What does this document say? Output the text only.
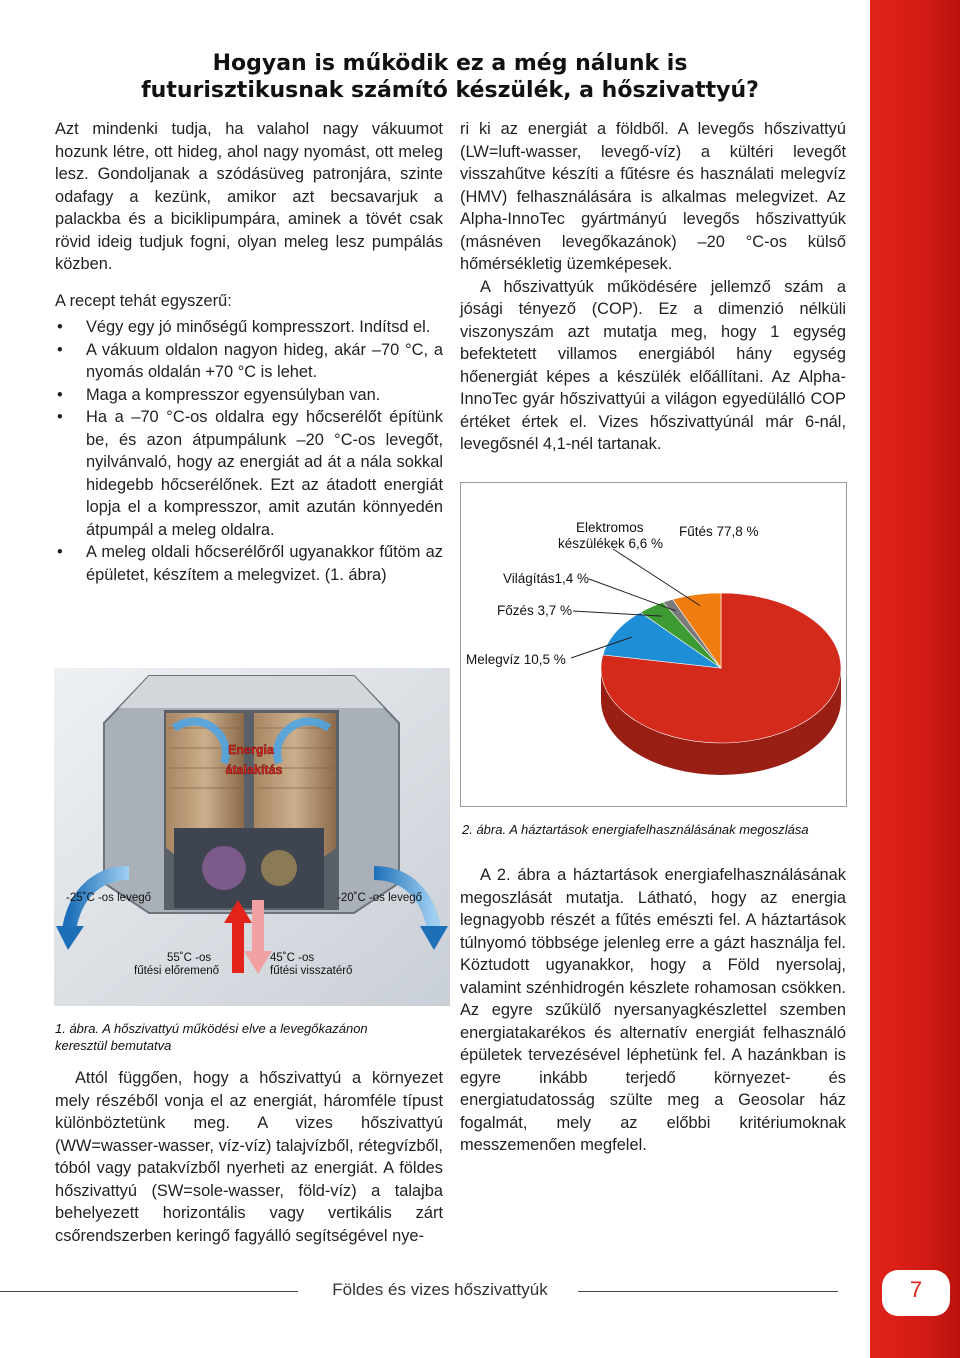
Hogyan is működik ez a még nálunk is
futurisztikusnak számító készülék, a hőszivattyú?

Azt mindenki tudja, ha valahol nagy vákuumot hozunk létre, ott hideg, ahol nagy nyomást, ott meleg lesz. Gondoljanak a szódásüveg patronjára, szinte odafagy a kezünk, amikor azt becsavarjuk a palackba és a biciklipumpára, aminek a tövét csak rövid ideig tudjuk fogni, olyan meleg lesz pumpálás közben.

A recept tehát egyszerű:

• Végy egy jó minőségű kompresszort. Indítsd el.
• A vákuum oldalon nagyon hideg, akár –70 °C, a nyomás oldalán +70 °C is lehet.
• Maga a kompresszor egyensúlyban van.
• Ha a –70 °C-os oldalra egy hőcserélőt építünk be, és azon átpumpálunk –20 °C-os levegőt, nyilvánvaló, hogy az energiát ad át a nála sokkal hidegebb hőcserélőnek. Ezt az átadott energiát lopja el a kompresszor, amit azután könnyedén átpumpál a meleg oldalra.
• A meleg oldali hőcserélőről ugyanakkor fűtöm az épületet, készítem a melegvizet. (1. ábra)

ri ki az energiát a földből. A levegős hőszivattyú (LW=luft-wasser, levegő-víz) a kültéri levegőt visszahűtve készíti a fűtésre és használati melegvíz (HMV) felhasználására is alkalmas melegvizet. Az Alpha-InnoTec gyártmányú levegős hőszivattyúk (másnéven levegőkazánok) –20 °C-os külső hőmérsékletig üzemképesek.

A hőszivattyúk működésére jellemző szám a jósági tényező (COP). Ez a dimenzió nélküli viszonyszám azt mutatja meg, hogy 1 egység befektetett villamos energiából hány egység hőenergiát képes a készülék előállítani. Az Alpha-InnoTec gyár hőszivattyúi a világon egyedülálló COP értéket értek el. Vizes hőszivattyúnál már 6-nál, levegősnél 4,1-nél tartanak.

Elektromos
készülékek 6,6 %
Fűtés 77,8 %
Világítás1,4 %
Főzés 3,7 %
Melegvíz 10,5 %
2. ábra. A háztartások energiafelhasználásának megoszlása
Energia
átalakítás
-25˚C -os levegő	-20˚C -os levegő
55˚C -os
fűtési előremenő
45˚C -os
fűtési visszatérő
1. ábra. A hőszivattyú működési elve a levegőkazánon
keresztül bemutatva

A 2. ábra a háztartások energiafelhasználásának megoszlását mutatja. Látható, hogy az energia legnagyobb részét a fűtés emészti fel. A háztartások túlnyomó többsége jelenleg erre a gázt használja fel. Köztudott ugyanakkor, hogy a Föld nyersolaj, valamint szénhidrogén készlete rohamosan csökken. Az egyre szűkülő nyersanyagkészlettel szemben energiatakarékos és alternatív energiát felhasználó épületek tervezésével léphetünk fel. A hazánkban is egyre inkább terjedő környezet- és energiatudatosság szülte meg a Geosolar ház fogalmát, mely az előbbi kritériumoknak messzemenően megfelel.

Attól függően, hogy a hőszivattyú a környezet mely részéből vonja el az energiát, háromféle típust különböztetünk meg. A vizes hőszivattyú (WW=wasser-wasser, víz-víz) talajvízből, rétegvízből, tóból vagy patakvízből nyerheti az energiát. A földes hőszivattyú (SW=sole-wasser, föld-víz) a talajba behelyezett horizontális vagy vertikális zárt csőrendszerben keringő fagyálló segítségével nye-

Földes és vizes hőszivattyúk	7
